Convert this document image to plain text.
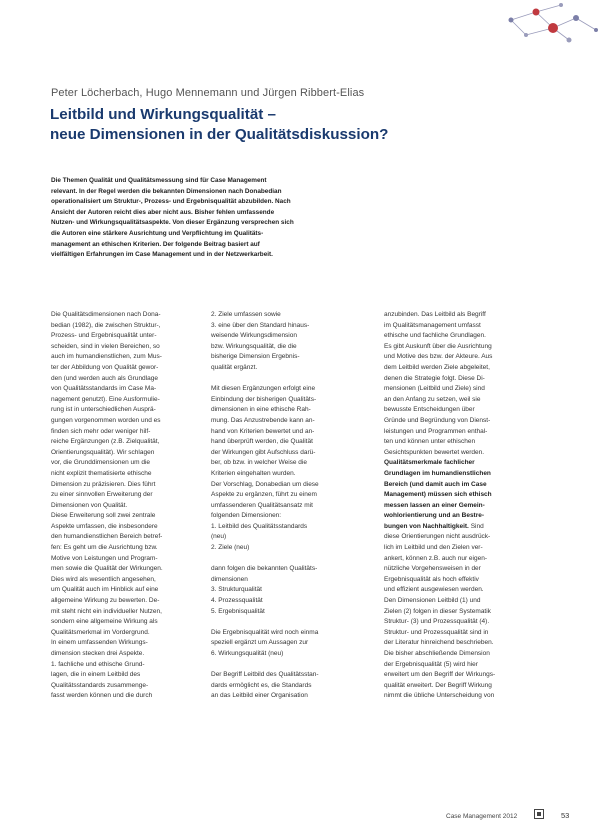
Peter Löcherbach, Hugo Mennemann und Jürgen Ribbert-Elias
Leitbild und Wirkungsqualität –
neue Dimensionen in der Qualitätsdiskussion?
Die Themen Qualität und Qualitätsmessung sind für Case Management
relevant. In der Regel werden die bekannten Dimensionen nach Donabedian
operationalisiert um Struktur-, Prozess- und Ergebnisqualität abzubilden. Nach
Ansicht der Autoren reicht dies aber nicht aus. Bisher fehlen umfassende
Nutzen- und Wirkungsqualitätsaspekte. Von dieser Ergänzung versprechen sich
die Autoren eine stärkere Ausrichtung und Verpflichtung im Qualitäts-
management an ethischen Kriterien. Der folgende Beitrag basiert auf
vielfältigen Erfahrungen im Case Management und in der Netzwerkarbeit.
Die Qualitätsdimensionen nach Dona-
bedian (1982), die zwischen Struktur-,
Prozess- und Ergebnisqualität unter-
scheiden, sind in vielen Bereichen, so
auch im humandienstlichen, zum Mus-
ter der Abbildung von Qualität gewor-
den (und werden auch als Grundlage
von Qualitätsstandards im Case Ma-
nagement genutzt). Eine Ausformulie-
rung ist in unterschiedlichen Ausprä-
gungen vorgenommen worden und es
finden sich mehr oder weniger hilf-
reiche Ergänzungen (z.B. Zielqualität,
Orientierungsqualität). Wir schlagen
vor, die Grunddimensionen um die
nicht explizit thematisierte ethische
Dimension zu präzisieren. Dies führt
zu einer sinnvollen Erweiterung der
Dimensionen von Qualität.
Diese Erweiterung soll zwei zentrale
Aspekte umfassen, die insbesondere
den humandienstlichen Bereich betref-
fen: Es geht um die Ausrichtung bzw.
Motive von Leistungen und Program-
men sowie die Qualität der Wirkungen.
Dies wird als wesentlich angesehen,
um Qualität auch im Hinblick auf eine
allgemeine Wirkung zu bewerten. De-
mit steht nicht ein individueller Nutzen,
sondern eine allgemeine Wirkung als
Qualitätsmerkmal im Vordergrund.
In einem umfassenden Wirkungs-
dimension stecken drei Aspekte.
1. fachliche und ethische Grund-
lagen, die in einem Leitbild des
Qualitätsstandards zusammenge-
fasst werden können und die durch
2. Ziele umfassen sowie
3. eine über den Standard hinaus-
weisende Wirkungsdimension
bzw. Wirkungsqualität, die die
bisherige Dimension Ergebnis-
qualität ergänzt.
Mit diesen Ergänzungen erfolgt eine
Einbindung der bisherigen Qualitäts-
dimensionen in eine ethische Rah-
mung. Das Anzustrebende kann an-
hand von Kriterien bewertet und an-
hand überprüft werden, die Qualität
der Wirkungen gibt Aufschluss darü-
ber, ob bzw. in welcher Weise die
Kriterien eingehalten wurden.
Der Vorschlag, Donabedian um diese
Aspekte zu ergänzen, führt zu einem
umfassenderen Qualitätsansatz mit
folgenden Dimensionen:
1. Leitbild des Qualitätsstandards
(neu)
2. Ziele (neu)
dann folgen die bekannten Qualitäts-
dimensionen
3. Strukturqualität
4. Prozessqualität
5. Ergebnisqualität
Die Ergebnisqualität wird noch einma
speziell ergänzt um Aussagen zur
6. Wirkungsqualität (neu)
Der Begriff Leitbild des Qualitätsstan-
dards ermöglicht es, die Standards
an das Leitbild einer Organisation
anzubinden. Das Leitbild als Begriff
im Qualitätsmanagement umfasst
ethische und fachliche Grundlagen.
Es gibt Auskunft über die Ausrichtung
und Motive des bzw. der Akteure. Aus
dem Leitbild werden Ziele abgeleitet,
denen die Strategie folgt. Diese Di-
mensionen (Leitbild und Ziele) sind
an den Anfang zu setzen, weil sie
bewusste Entscheidungen über
Gründe und Begründung von Dienst-
leistungen und Programmen enthal-
ten und können unter ethischen
Gesichtspunkten bewertet werden.
Qualitätsmerkmale fachlicher
Grundlagen im humandienstlichen
Bereich (und damit auch im Case
Management) müssen sich ethisch
messen lassen an einer Gemein-
wohlorientierung und an Bestre-
bungen von Nachhaltigkeit. Sind
diese Orientierungen nicht ausdrück-
lich im Leitbild und den Zielen ver-
ankert, können z.B. auch nur eigen-
nützliche Vorgehensweisen in der
Ergebnisqualität als hoch effektiv
und effizient ausgewiesen werden.
Den Dimensionen Leitbild (1) und
Zielen (2) folgen in dieser Systematik
Struktur- (3) und Prozessqualität (4).
Struktur- und Prozessqualität sind in
der Literatur hinreichend beschrieben.
Die bisher abschließende Dimension
der Ergebnisqualität (5) wird hier
erweitert um den Begriff der Wirkungs-
qualität erweitert. Der Begriff Wirkung
nimmt die übliche Unterscheidung von
Case Management 2012	53
